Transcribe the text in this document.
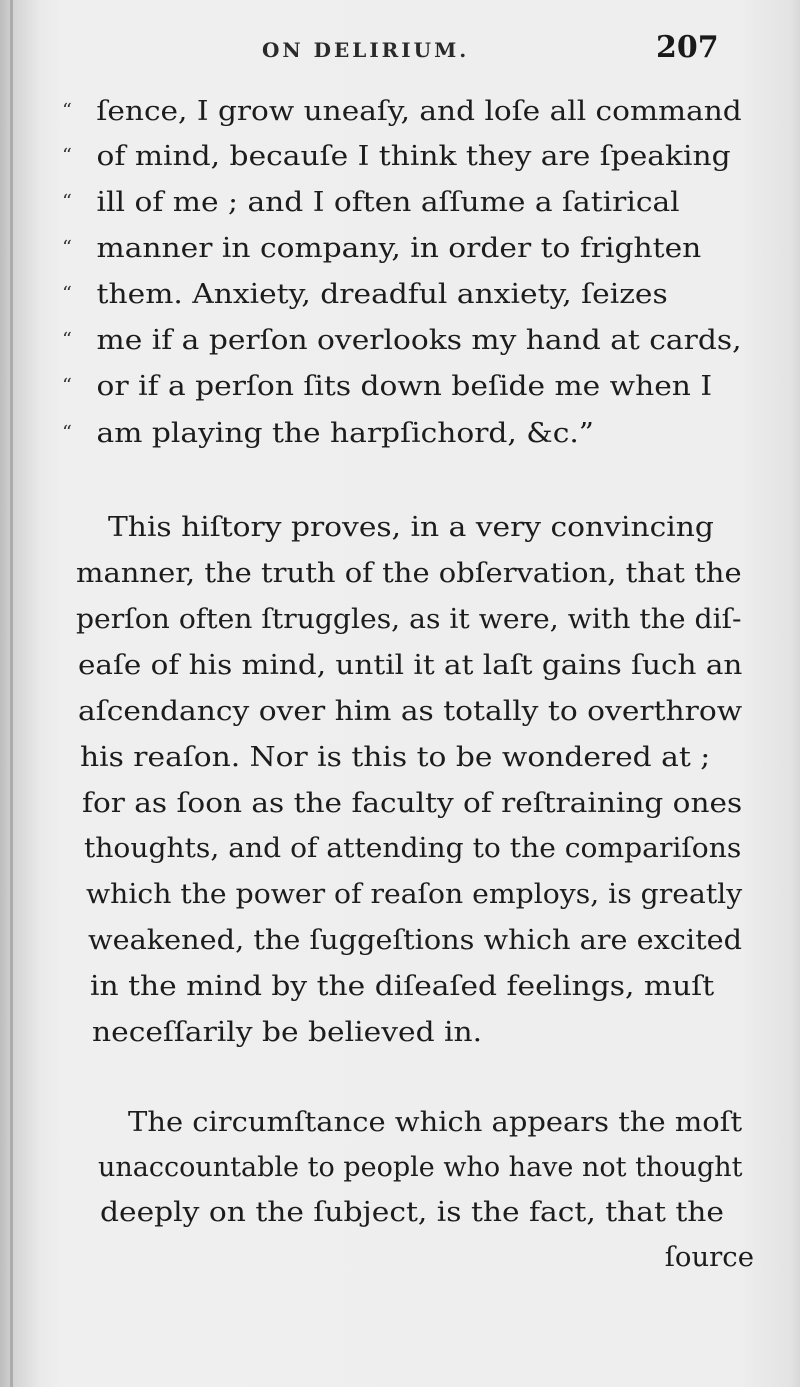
ON DELIRIUM.	207
“ ſence, I grow uneaſy, and loſe all command
“ of mind, becauſe I think they are ſpeaking
“ ill of me ; and I often aſſume a ſatirical
“ manner in company, in order to frighten
“ them. Anxiety, dreadful anxiety, ſeizes
“ me if a perſon overlooks my hand at cards,
“ or if a perſon ſits down beſide me when I
“ am playing the harpſichord, &c.”
This hiſtory proves, in a very convincing
manner, the truth of the obſervation, that the
perſon often ſtruggles, as it were, with the diſ-
eaſe of his mind, until it at laſt gains ſuch an
aſcendancy over him as totally to overthrow
his reaſon. Nor is this to be wondered at ;
for as ſoon as the faculty of reſtraining ones
thoughts, and of attending to the compariſons
which the power of reaſon employs, is greatly
weakened, the ſuggeſtions which are excited
in the mind by the diſeaſed feelings, muſt
neceſſarily be believed in.
The circumſtance which appears the moſt
unaccountable to people who have not thought
deeply on the ſubject, is the fact, that the
ſource
